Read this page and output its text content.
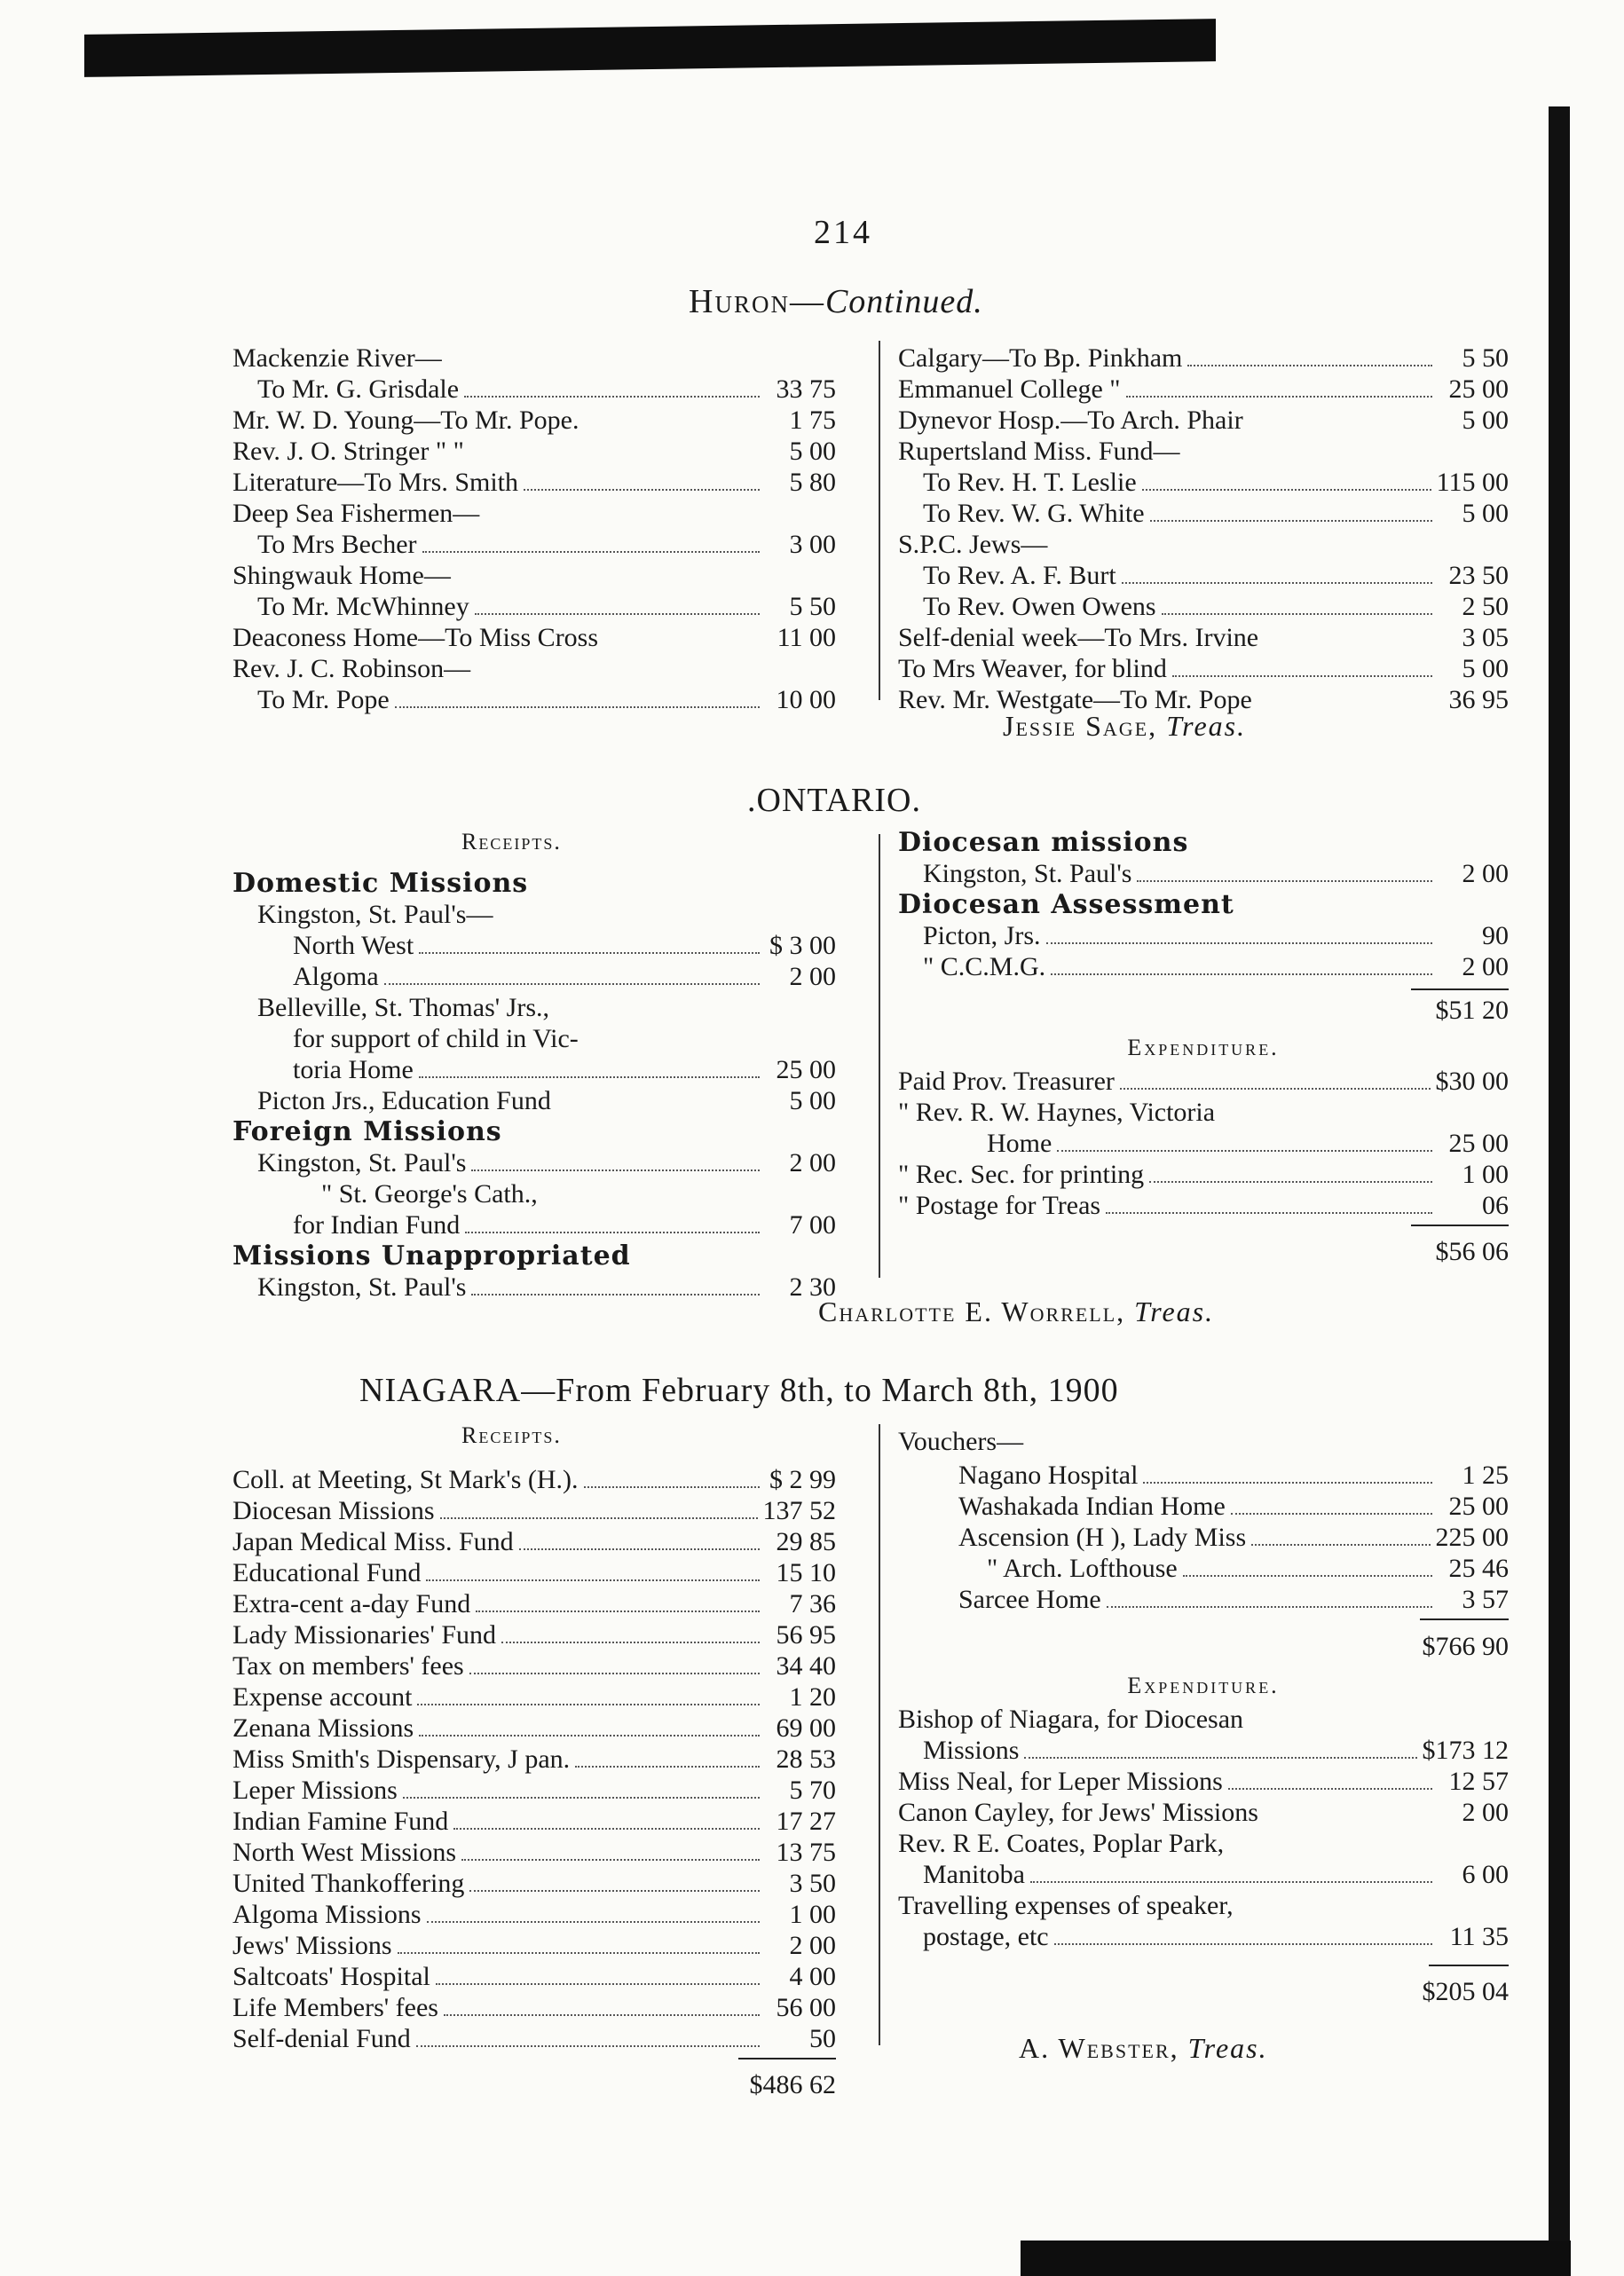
214
Huron—Continued.
Mackenzie River—
To Mr. G. Grisdale	33 75
Mr. W. D. Young—To Mr. Pope.	1 75
Rev. J. O. Stringer " "	5 00
Literature—To Mrs. Smith	5 80
Deep Sea Fishermen—
To Mrs Becher	3 00
Shingwauk Home—
To Mr. McWhinney	5 50
Deaconess Home—To Miss Cross	11 00
Rev. J. C. Robinson—
To Mr. Pope	10 00
Calgary—To Bp. Pinkham	5 50
Emmanuel College "	25 00
Dynevor Hosp.—To Arch. Phair	5 00
Rupertsland Miss. Fund—
To Rev. H. T. Leslie	115 00
To Rev. W. G. White	5 00
S.P.C. Jews—
To Rev. A. F. Burt	23 50
To Rev. Owen Owens	2 50
Self-denial week—To Mrs. Irvine	3 05
To Mrs Weaver, for blind	5 00
Rev. Mr. Westgate—To Mr. Pope	36 95
Jessie Sage, Treas.
.ONTARIO.
Receipts.
Domestic Missions
Kingston, St. Paul's—
North West	$ 3 00
Algoma	2 00
Belleville, St. Thomas' Jrs.,
for support of child in Vic-
toria Home	25 00
Picton Jrs., Education Fund	5 00
Foreign Missions
Kingston, St. Paul's	2 00
" St. George's Cath.,
for Indian Fund	7 00
Missions Unappropriated
Kingston, St. Paul's	2 30
Diocesan missions
Kingston, St. Paul's	2 00
Diocesan Assessment
Picton, Jrs.	90
" C.C.M.G.	2 00
$51 20
Expenditure.
Paid Prov. Treasurer	$30 00
" Rev. R. W. Haynes, Victoria
Home	25 00
" Rec. Sec. for printing	1 00
" Postage for Treas	06
$56 06
Charlotte E. Worrell, Treas.
NIAGARA—From February 8th, to March 8th, 1900
Receipts.
Coll. at Meeting, St Mark's (H.).	$ 2 99
Diocesan Missions	137 52
Japan Medical Miss. Fund	29 85
Educational Fund	15 10
Extra-cent a-day Fund	7 36
Lady Missionaries' Fund	56 95
Tax on members' fees	34 40
Expense account	1 20
Zenana Missions	69 00
Miss Smith's Dispensary, J pan.	28 53
Leper Missions	5 70
Indian Famine Fund	17 27
North West Missions	13 75
United Thankoffering	3 50
Algoma Missions	1 00
Jews' Missions	2 00
Saltcoats' Hospital	4 00
Life Members' fees	56 00
Self-denial Fund	50
$486 62
Vouchers—
Nagano Hospital	1 25
Washakada Indian Home	25 00
Ascension (H ), Lady Miss	225 00
" Arch. Lofthouse	25 46
Sarcee Home	3 57
$766 90
Expenditure.
Bishop of Niagara, for Diocesan
Missions	$173 12
Miss Neal, for Leper Missions	12 57
Canon Cayley, for Jews' Missions	2 00
Rev. R E. Coates, Poplar Park,
Manitoba	6 00
Travelling expenses of speaker,
postage, etc	11 35
$205 04
A. Webster, Treas.
